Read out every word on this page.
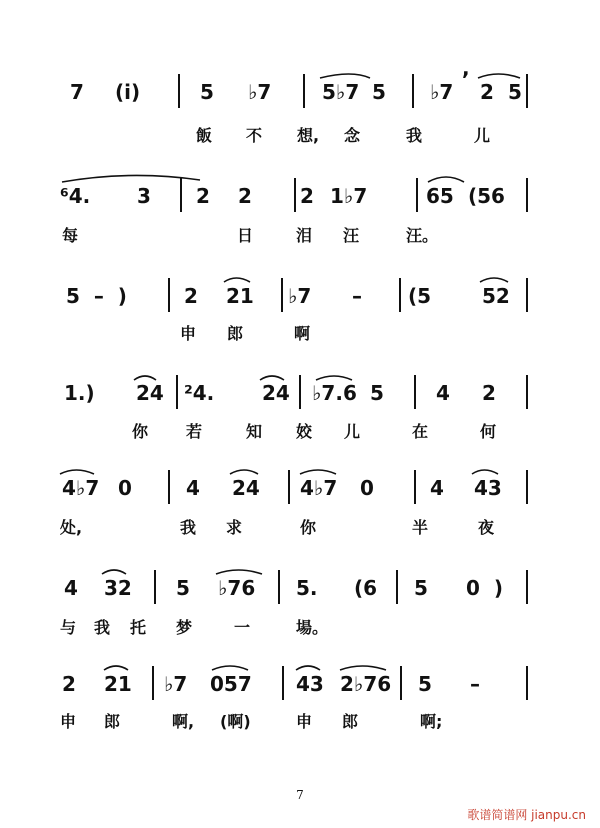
7 (i)	5 ♭7	5♭7 5 ♭7
,
2 5
飯 不 想, 念	我	儿
⁶4. 3 2 2 2 1♭7	65 (56
每	日	泪 汪	汪。
5  –  )	2 21 ♭7 – (5	52
申 郎	啊
1.) 24 ²4. 24 ♭7.6 5	4 2
你 若	知 姣 儿	在	何
4♭7 0	4 24 4♭7 0	4 43
处,	我 求	你	半	夜
4 32 5 ♭76 5. (6 5 0  )
与 我 托 梦	一	場。
2 21 ♭7 057 43 2♭76 5 –
申 郎	啊, (啊)	申 郎	啊;
7
歌谱简谱网 jianpu.cn
